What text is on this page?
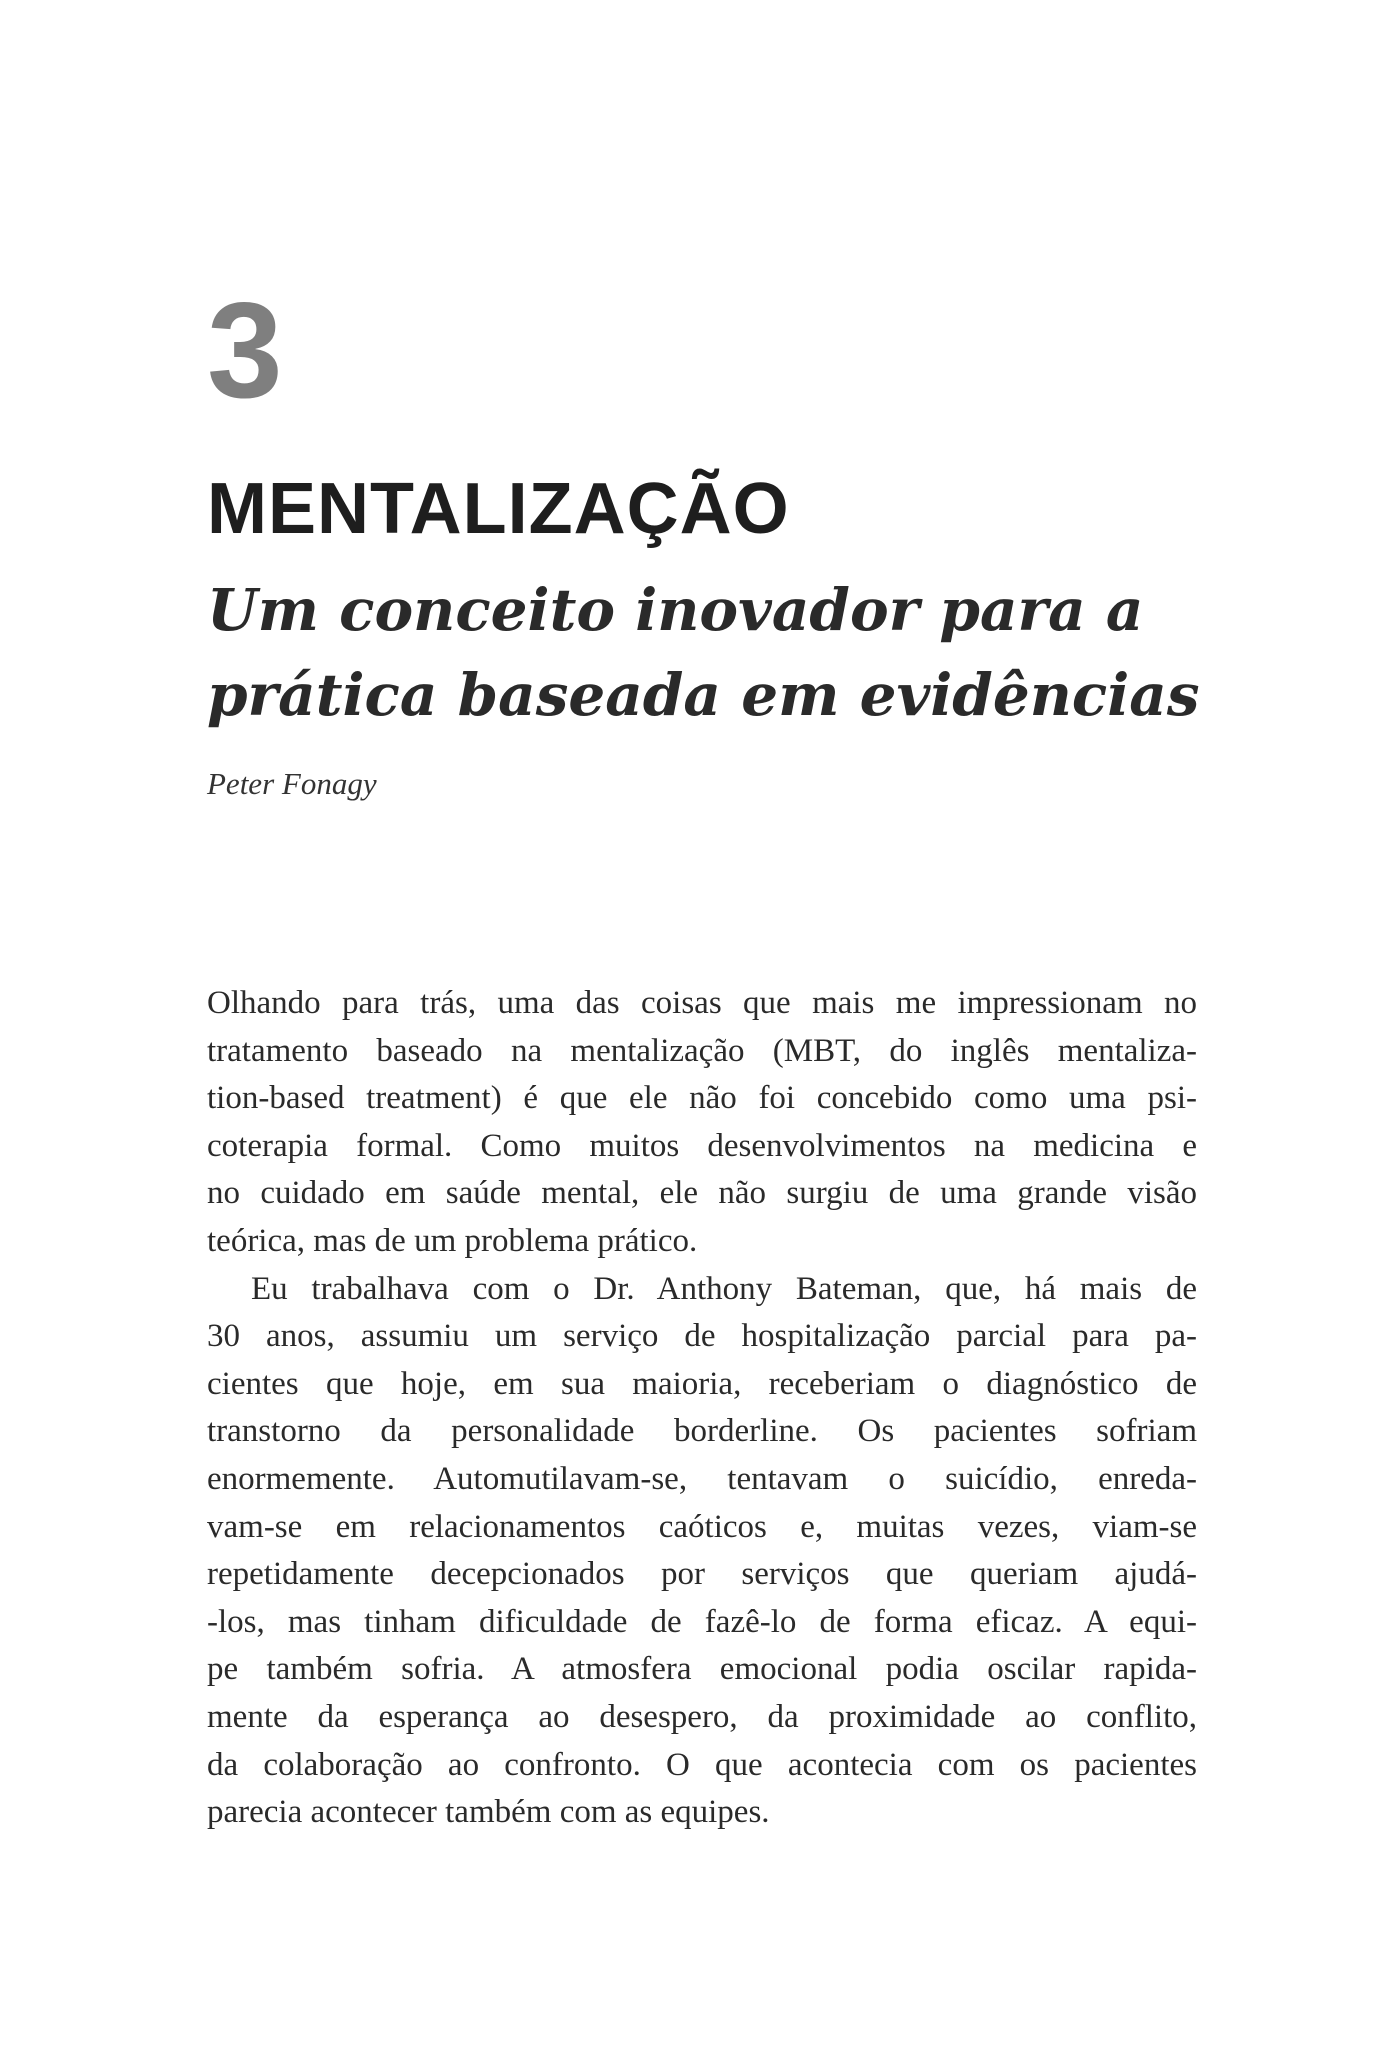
3
MENTALIZAÇÃO
Um conceito inovador para a
prática baseada em evidências
Peter Fonagy
Olhando para trás, uma das coisas que mais me impressionam no
tratamento baseado na mentalização (MBT, do inglês mentaliza-
tion-based treatment) é que ele não foi concebido como uma psi-
coterapia formal. Como muitos desenvolvimentos na medicina e
no cuidado em saúde mental, ele não surgiu de uma grande visão
teórica, mas de um problema prático.
Eu trabalhava com o Dr. Anthony Bateman, que, há mais de
30 anos, assumiu um serviço de hospitalização parcial para pa-
cientes que hoje, em sua maioria, receberiam o diagnóstico de
transtorno da personalidade borderline. Os pacientes sofriam
enormemente. Automutilavam-se, tentavam o suicídio, enreda-
vam-se em relacionamentos caóticos e, muitas vezes, viam-se
repetidamente decepcionados por serviços que queriam ajudá-
-los, mas tinham dificuldade de fazê-lo de forma eficaz. A equi-
pe também sofria. A atmosfera emocional podia oscilar rapida-
mente da esperança ao desespero, da proximidade ao conflito,
da colaboração ao confronto. O que acontecia com os pacientes
parecia acontecer também com as equipes.
